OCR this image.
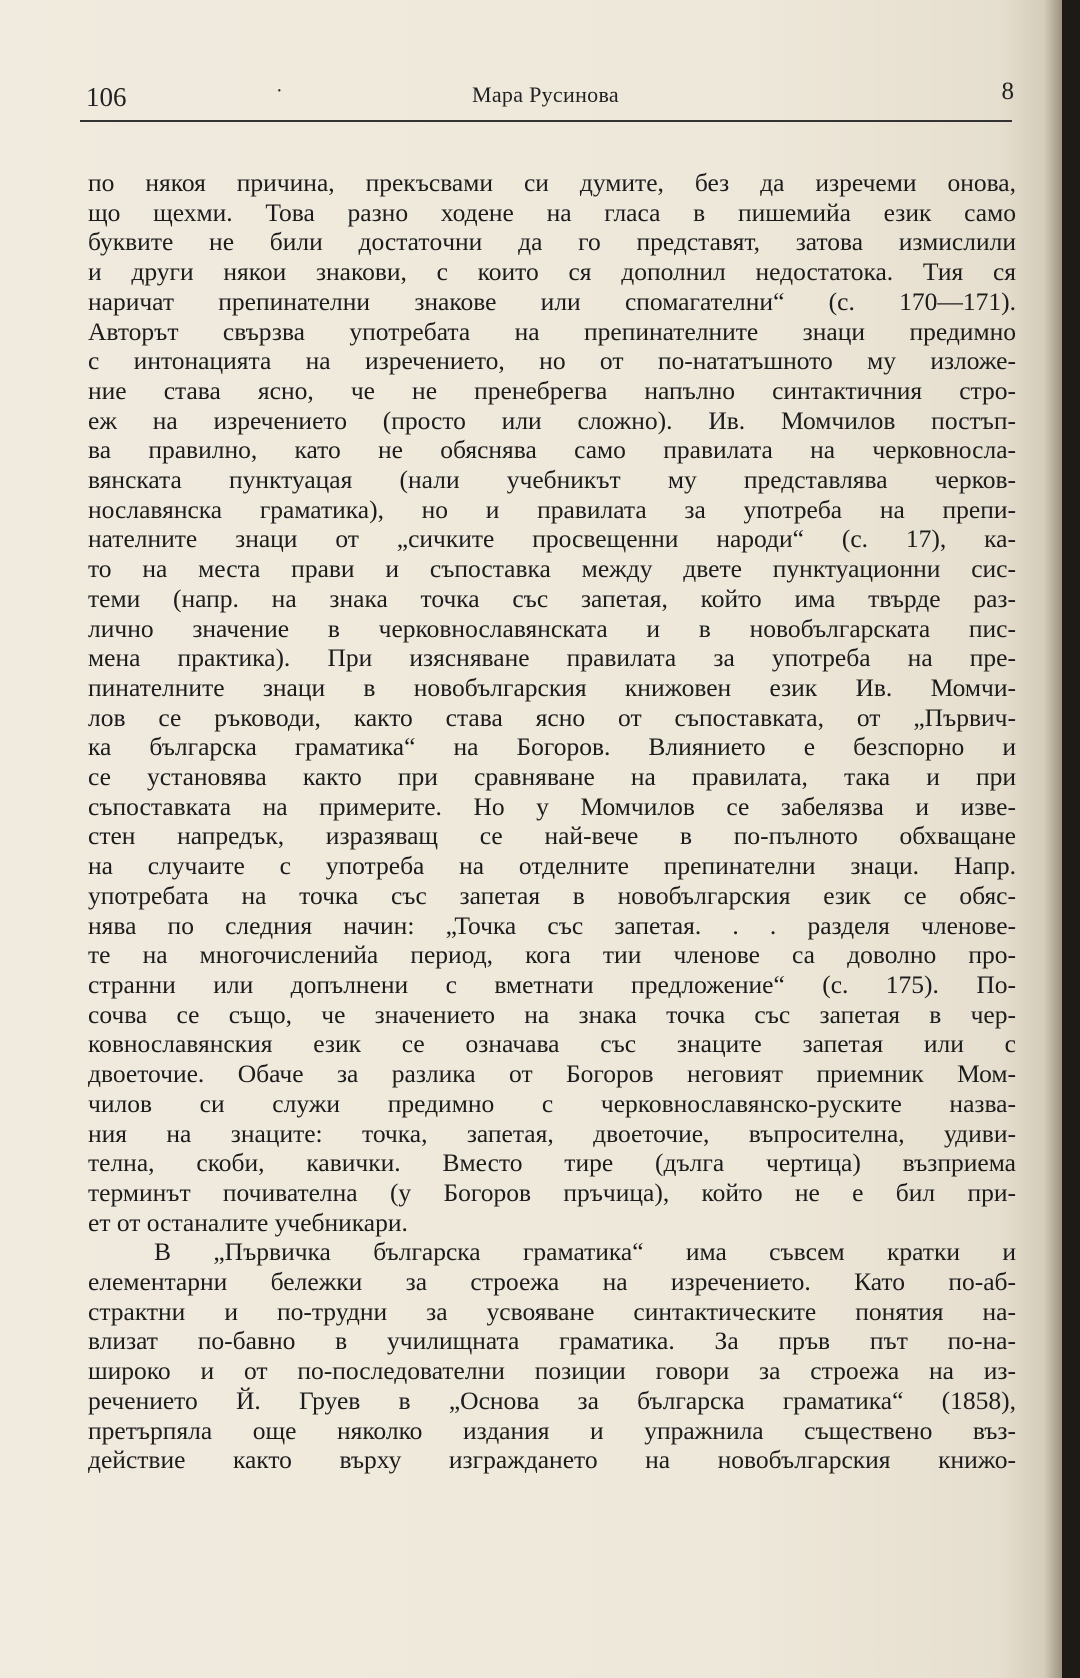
106	·	Мара Русинова	8
по някоя причина, прекъсвами си думите, без да изречеми онова,
що щехми. Това разно ходене на гласа в пишемийа език само
буквите не били достатoчни да го представят, затова измислили
и други някои знакови, с които ся дополнил недостатока. Тия ся
наричат препинателни знакове или спомагателни“ (с. 170—171).
Авторът свързва употребата на препинателните знаци предимно
с интонацията на изречението, но от по-нататъшното му изложе-
ние става ясно, че не пренебрегва напълно синтактичния стро-
еж на изречението (просто или сложно). Ив. Момчилов постъп-
ва правилно, като не обяснява само правилата на черковносла-
вянската пунктуацая (нали учебникът му представлява черков-
нославянска граматика), но и правилата за употреба на препи-
нателните знаци от „сичките просвещенни народи“ (с. 17), ка-
то на места прави и съпоставка между двете пунктуационни сис-
теми (напр. на знака точка със запетая, който има твърде раз-
лично значение в черковнославянската и в новобългарската пис-
мена практика). При изясняване правилата за употреба на пре-
пинателните знаци в новобългарския книжовен език Ив. Момчи-
лов се ръководи, както става ясно от съпоставката, от „Първич-
ка българска граматика“ на Богоров. Влиянието е безспорно и
се установява както при сравняване на правилата, така и при
съпоставката на примерите. Но у Момчилов се забелязва и изве-
стен напредък, изразяващ се най-вече в по-пълното обхващане
на случаите с употреба на отделните препинателни знаци. Напр.
употребата на точка със запетая в новобългарския език се обяс-
нява по следния начин: „Точка със запетая. . . разделя членове-
те на многочисленийа период, кога тии членове са доволно про-
странни или допълнени с вметнати предложение“ (с. 175). По-
сочва се също, че значението на знака точка със запетая в чер-
ковнославянския език се означава със знаците запетая или с
двоеточие. Обаче за разлика от Богоров неговият приемник Мом-
чилов си служи предимно с черковнославянско-руските назва-
ния на знаците: точка, запетая, двоеточие, въпросителна, удиви-
телна, скоби, кавички. Вместо тире (дълга чертица) възприема
терминът почивателна (у Богоров пръчица), който не е бил при-
ет от останалите учебникари.
В „Първичка българска граматика“ има съвсем кратки и
елементарни бележки за строежа на изречението. Като по-аб-
страктни и по-трудни за усвояване синтактическите понятия на-
влизат по-бавно в училищната граматика. За пръв път по-на-
широко и от по-последователни позиции говори за строежа на из-
речението Й. Груев в „Основа за българска граматика“ (1858),
претърпяла още няколко издания и упражнила съществено въз-
действие както върху изграждането на новобългарския книжо-
